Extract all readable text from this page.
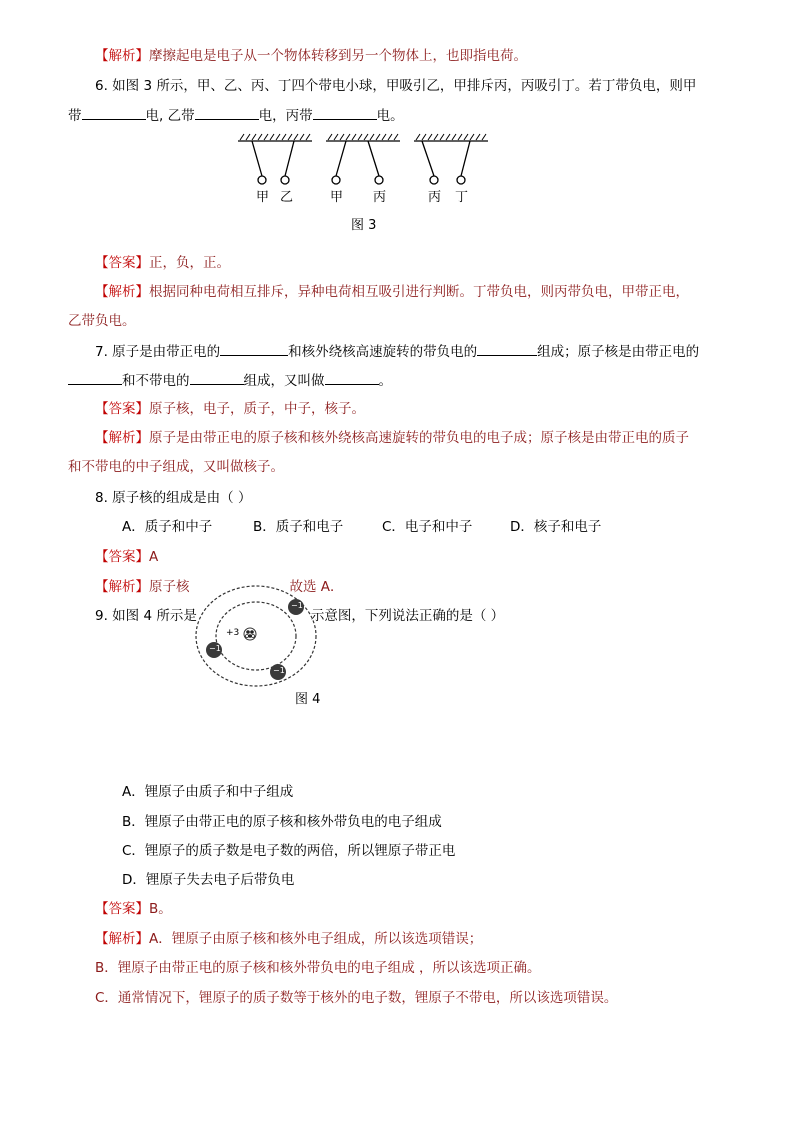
【解析】摩擦起电是电子从一个物体转移到另一个物体上，也即指电荷。
6. 如图 3 所示，甲、乙、丙、丁四个带电小球，甲吸引乙，甲排斥丙，丙吸引丁。若丁带负电，则甲
带	电, 乙带	电，丙带	电。
甲 乙	甲 丙	丙 丁
图 3
【答案】正，负，正。
【解析】根据同种电荷相互排斥，异种电荷相互吸引进行判断。丁带负电，则丙带负电，甲带正电，
乙带负电。
7. 原子是由带正电的	和核外绕核高速旋转的带负电的	组成；原子核是由带正电的
和不带电的	组成，又叫做	。
【答案】原子核，电子，质子，中子，核子。
【解析】原子是由带正电的原子核和核外绕核高速旋转的带负电的电子成；原子核是由带正电的质子
和不带电的中子组成，又叫做核子。
8. 原子核的组成是由（ ）
A．质子和中子	B．质子和电子	C．电子和中子	D．核子和电子
【答案】A
【解析】原子核	故选 A．
9. 如图 4 所示是	示意图，下列说法正确的是（ ）
+3
−1
−1
−1
图 4
A．锂原子由质子和中子组成
B．锂原子由带正电的原子核和核外带负电的电子组成
C．锂原子的质子数是电子数的两倍，所以锂原子带正电
D．锂原子失去电子后带负电
【答案】B。
【解析】A．锂原子由原子核和核外电子组成，所以该选项错误；
B．锂原子由带正电的原子核和核外带负电的电子组成 ，所以该选项正确。
C．通常情况下，锂原子的质子数等于核外的电子数，锂原子不带电，所以该选项错误。
